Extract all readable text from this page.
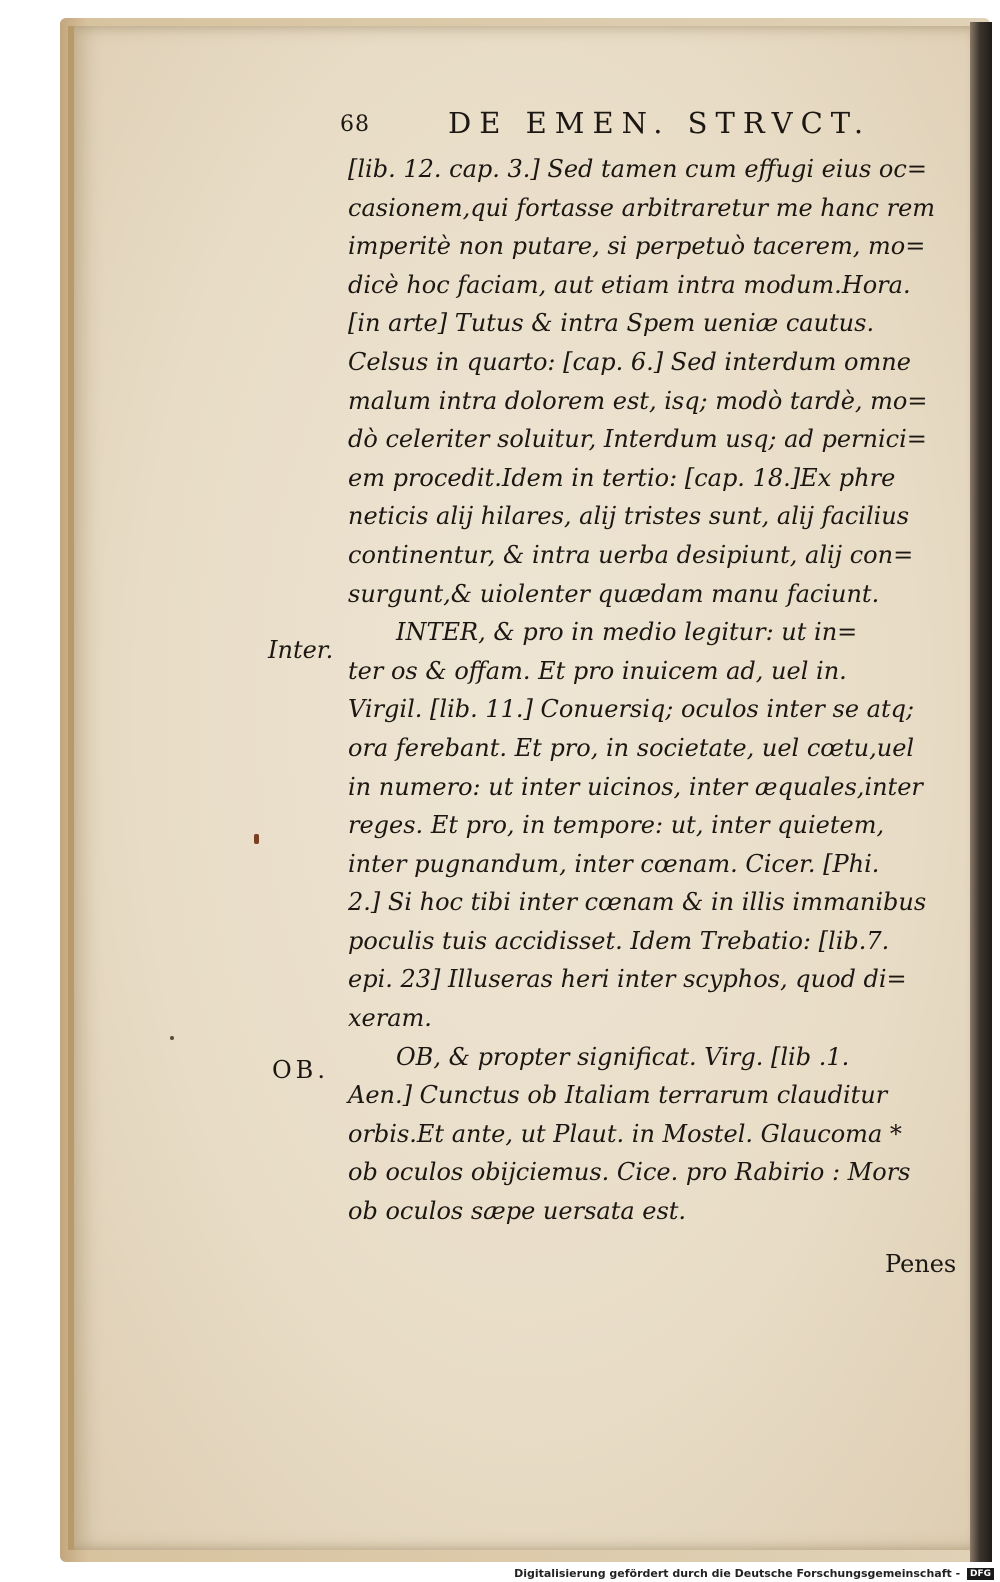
68	DE EMEN. STRVCT.
Inter.
OB.
[lib. 12. cap. 3.] Sed tamen cum effugi eius oc=
casionem,qui fortasse arbitraretur me hanc rem
imperitè non putare, si perpetuò tacerem, mo=
dicè hoc faciam, aut etiam intra modum.Hora.
[in arte] Tutus & intra Spem ueniæ cautus.
Celsus in quarto: [cap. 6.] Sed interdum omne
malum intra dolorem est, isq; modò tardè, mo=
dò celeriter soluitur, Interdum usq; ad pernici=
em procedit.Idem in tertio: [cap. 18.]Ex phre
neticis alij hilares, alij tristes sunt, alij facilius
continentur, & intra uerba desipiunt, alij con=
surgunt,& uiolenter quædam manu faciunt.
INTER, & pro in medio legitur: ut in=
ter os & offam. Et pro inuicem ad, uel in.
Virgil. [lib. 11.] Conuersiq; oculos inter se atq;
ora ferebant. Et pro, in societate, uel cœtu,uel
in numero: ut inter uicinos, inter æquales,inter
reges. Et pro, in tempore: ut, inter quietem,
inter pugnandum, inter cœnam. Cicer. [Phi.
2.] Si hoc tibi inter cœnam & in illis immanibus
poculis tuis accidisset. Idem Trebatio: [lib.7.
epi. 23] Illuseras heri inter scyphos, quod di=
xeram.
OB, & propter significat. Virg. [lib .1.
Aen.] Cunctus ob Italiam terrarum clauditur
orbis.Et ante, ut Plaut. in Mostel. Glaucoma *
ob oculos obijciemus. Cice. pro Rabirio : Mors
ob oculos sæpe uersata est.
Penes
Digitalisierung gefördert durch die Deutsche Forschungsgemeinschaft - DFG
